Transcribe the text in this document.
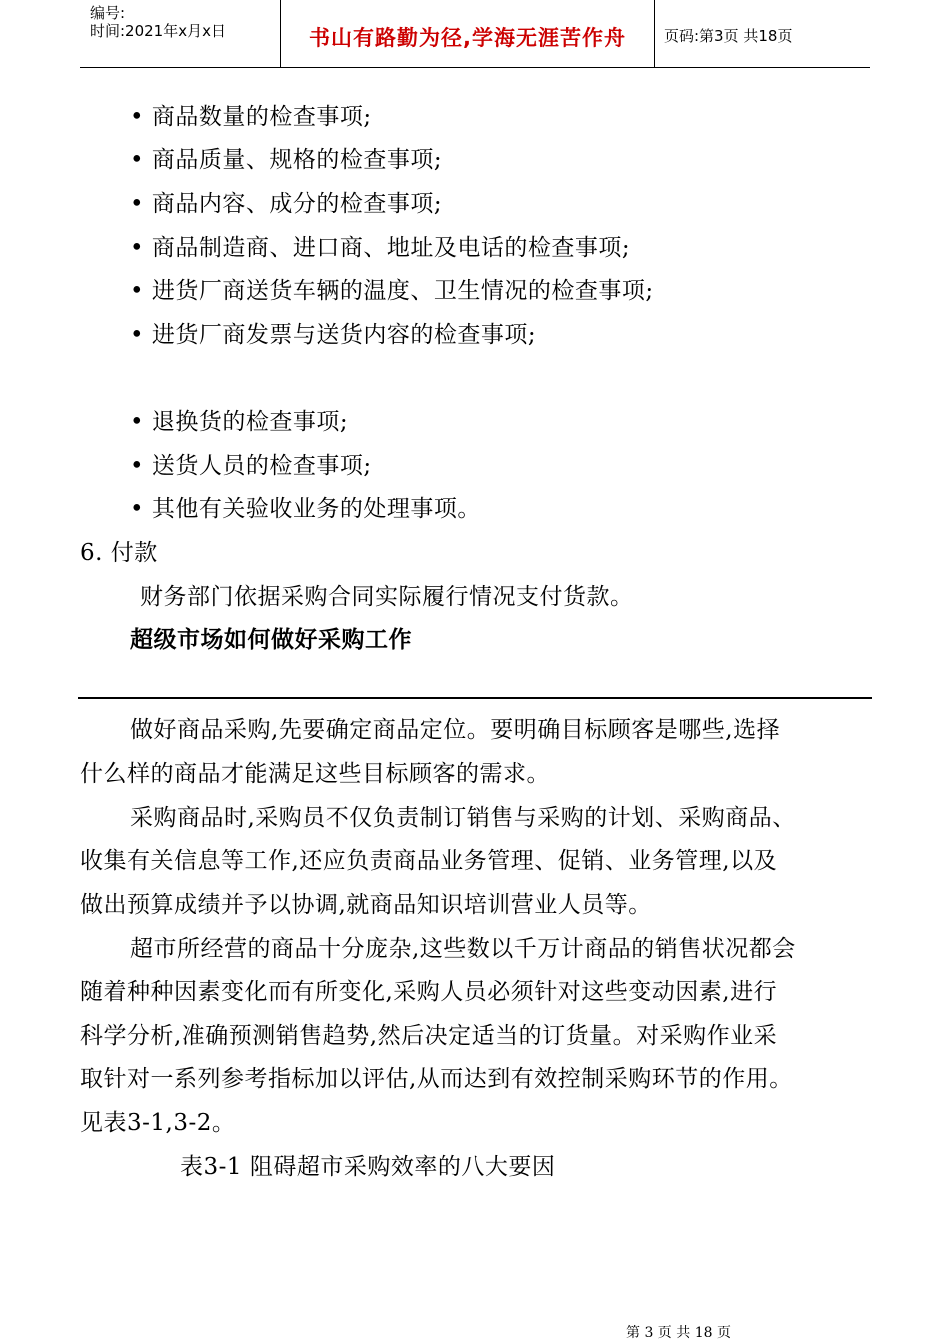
编号:
时间:2021年x月x日	书山有路勤为径,学海无涯苦作舟	页码:第3页 共18页
• 商品数量的检查事项;
• 商品质量、规格的检查事项;
• 商品内容、成分的检查事项;
• 商品制造商、进口商、地址及电话的检查事项;
• 进货厂商送货车辆的温度、卫生情况的检查事项;
• 进货厂商发票与送货内容的检查事项;
• 退换货的检查事项;
• 送货人员的检查事项;
• 其他有关验收业务的处理事项。
6. 付款
财务部门依据采购合同实际履行情况支付货款。
超级市场如何做好采购工作
做好商品采购,先要确定商品定位。要明确目标顾客是哪些,选择
什么样的商品才能满足这些目标顾客的需求。
采购商品时,采购员不仅负责制订销售与采购的计划、采购商品、
收集有关信息等工作,还应负责商品业务管理、促销、业务管理,以及
做出预算成绩并予以协调,就商品知识培训营业人员等。
超市所经营的商品十分庞杂,这些数以千万计商品的销售状况都会
随着种种因素变化而有所变化,采购人员必须针对这些变动因素,进行
科学分析,准确预测销售趋势,然后决定适当的订货量。对采购作业采
取针对一系列参考指标加以评估,从而达到有效控制采购环节的作用。
见表3-1,3-2。
表3-1 阻碍超市采购效率的八大要因
第 3 页 共 18 页
